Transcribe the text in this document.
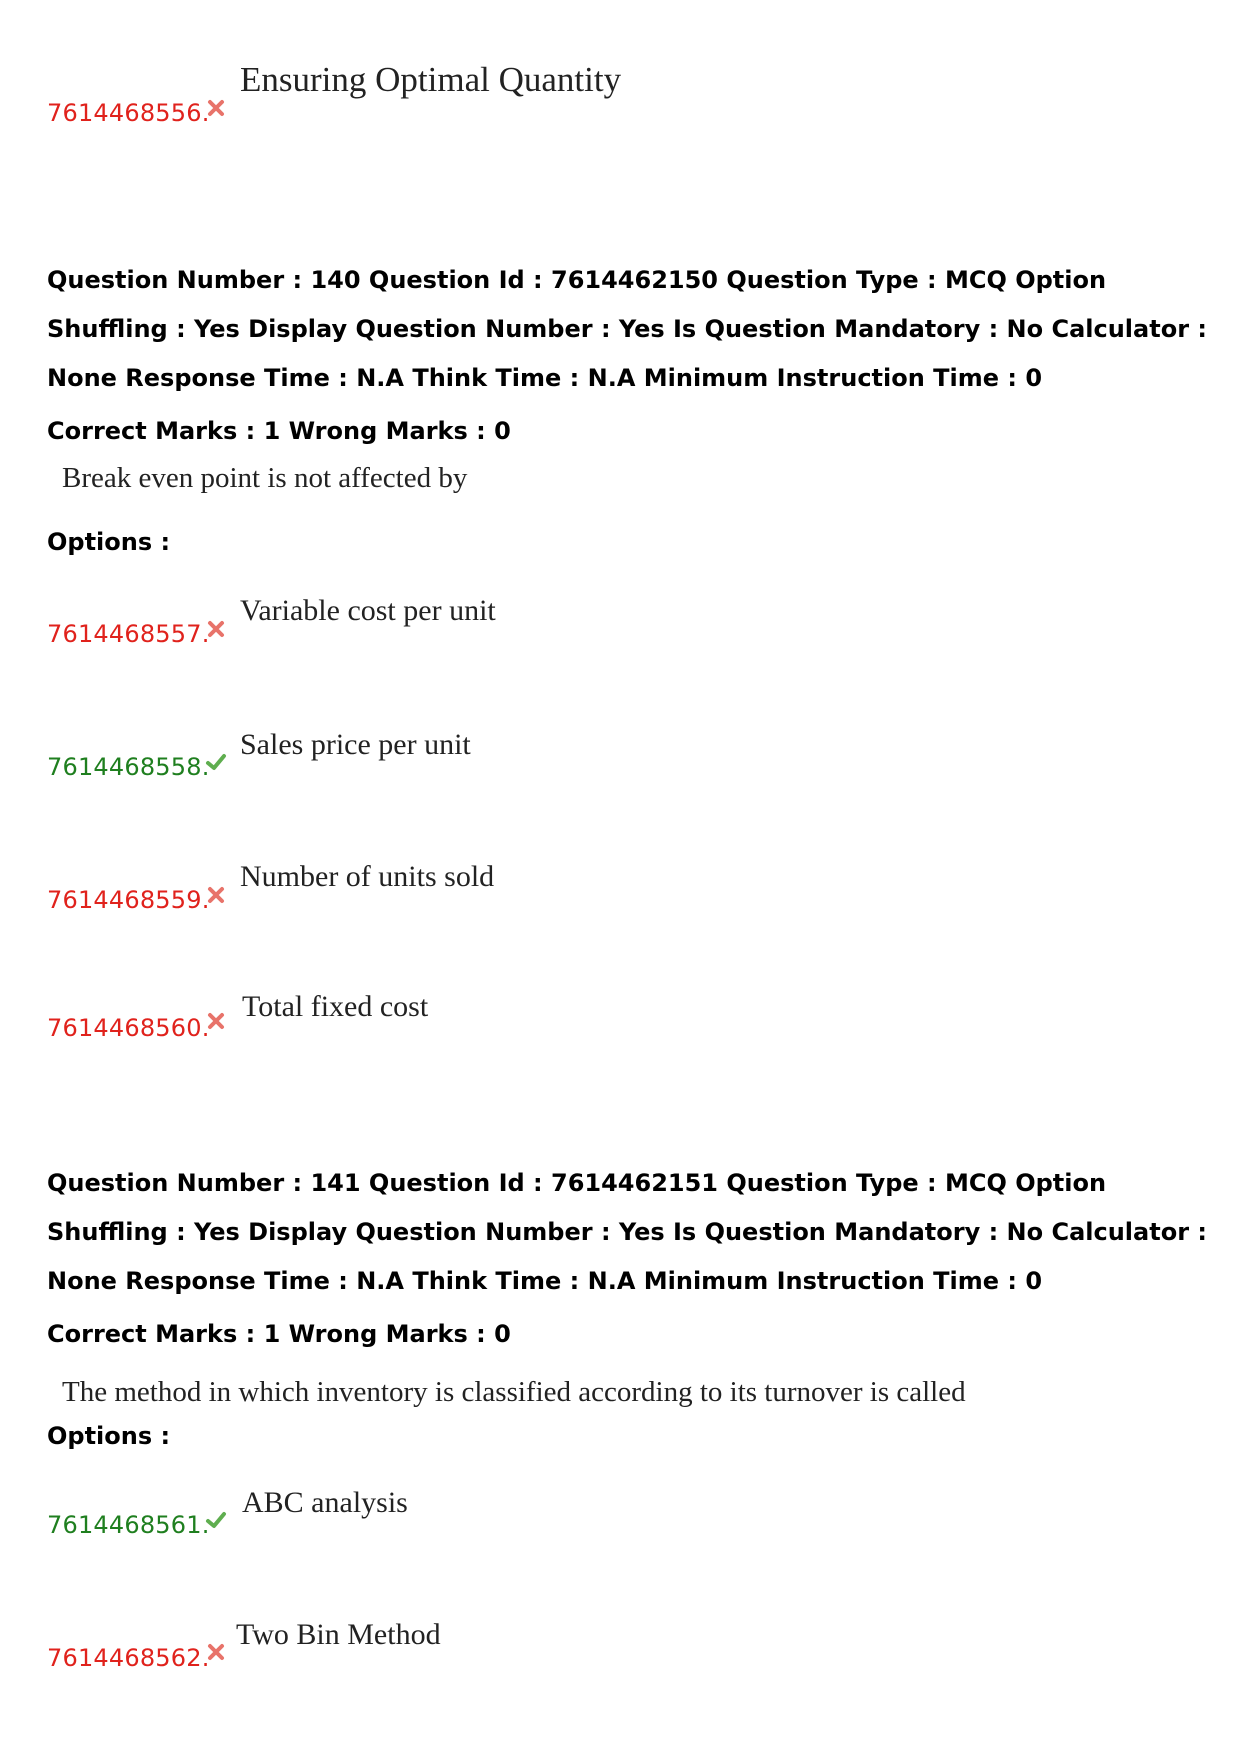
7614468556.
Ensuring Optimal Quantity
Question Number : 140 Question Id : 7614462150 Question Type : MCQ Option Shuffling : Yes Display Question Number : Yes Is Question Mandatory : No Calculator : None Response Time : N.A Think Time : N.A Minimum Instruction Time : 0
Correct Marks : 1 Wrong Marks : 0
Break even point is not affected by
Options :
7614468557.
Variable cost per unit
7614468558.
Sales price per unit
7614468559.
Number of units sold
7614468560.
Total fixed cost
Question Number : 141 Question Id : 7614462151 Question Type : MCQ Option Shuffling : Yes Display Question Number : Yes Is Question Mandatory : No Calculator : None Response Time : N.A Think Time : N.A Minimum Instruction Time : 0
Correct Marks : 1 Wrong Marks : 0
The method in which inventory is classified according to its turnover is called
Options :
7614468561.
ABC analysis
7614468562.
Two Bin Method
